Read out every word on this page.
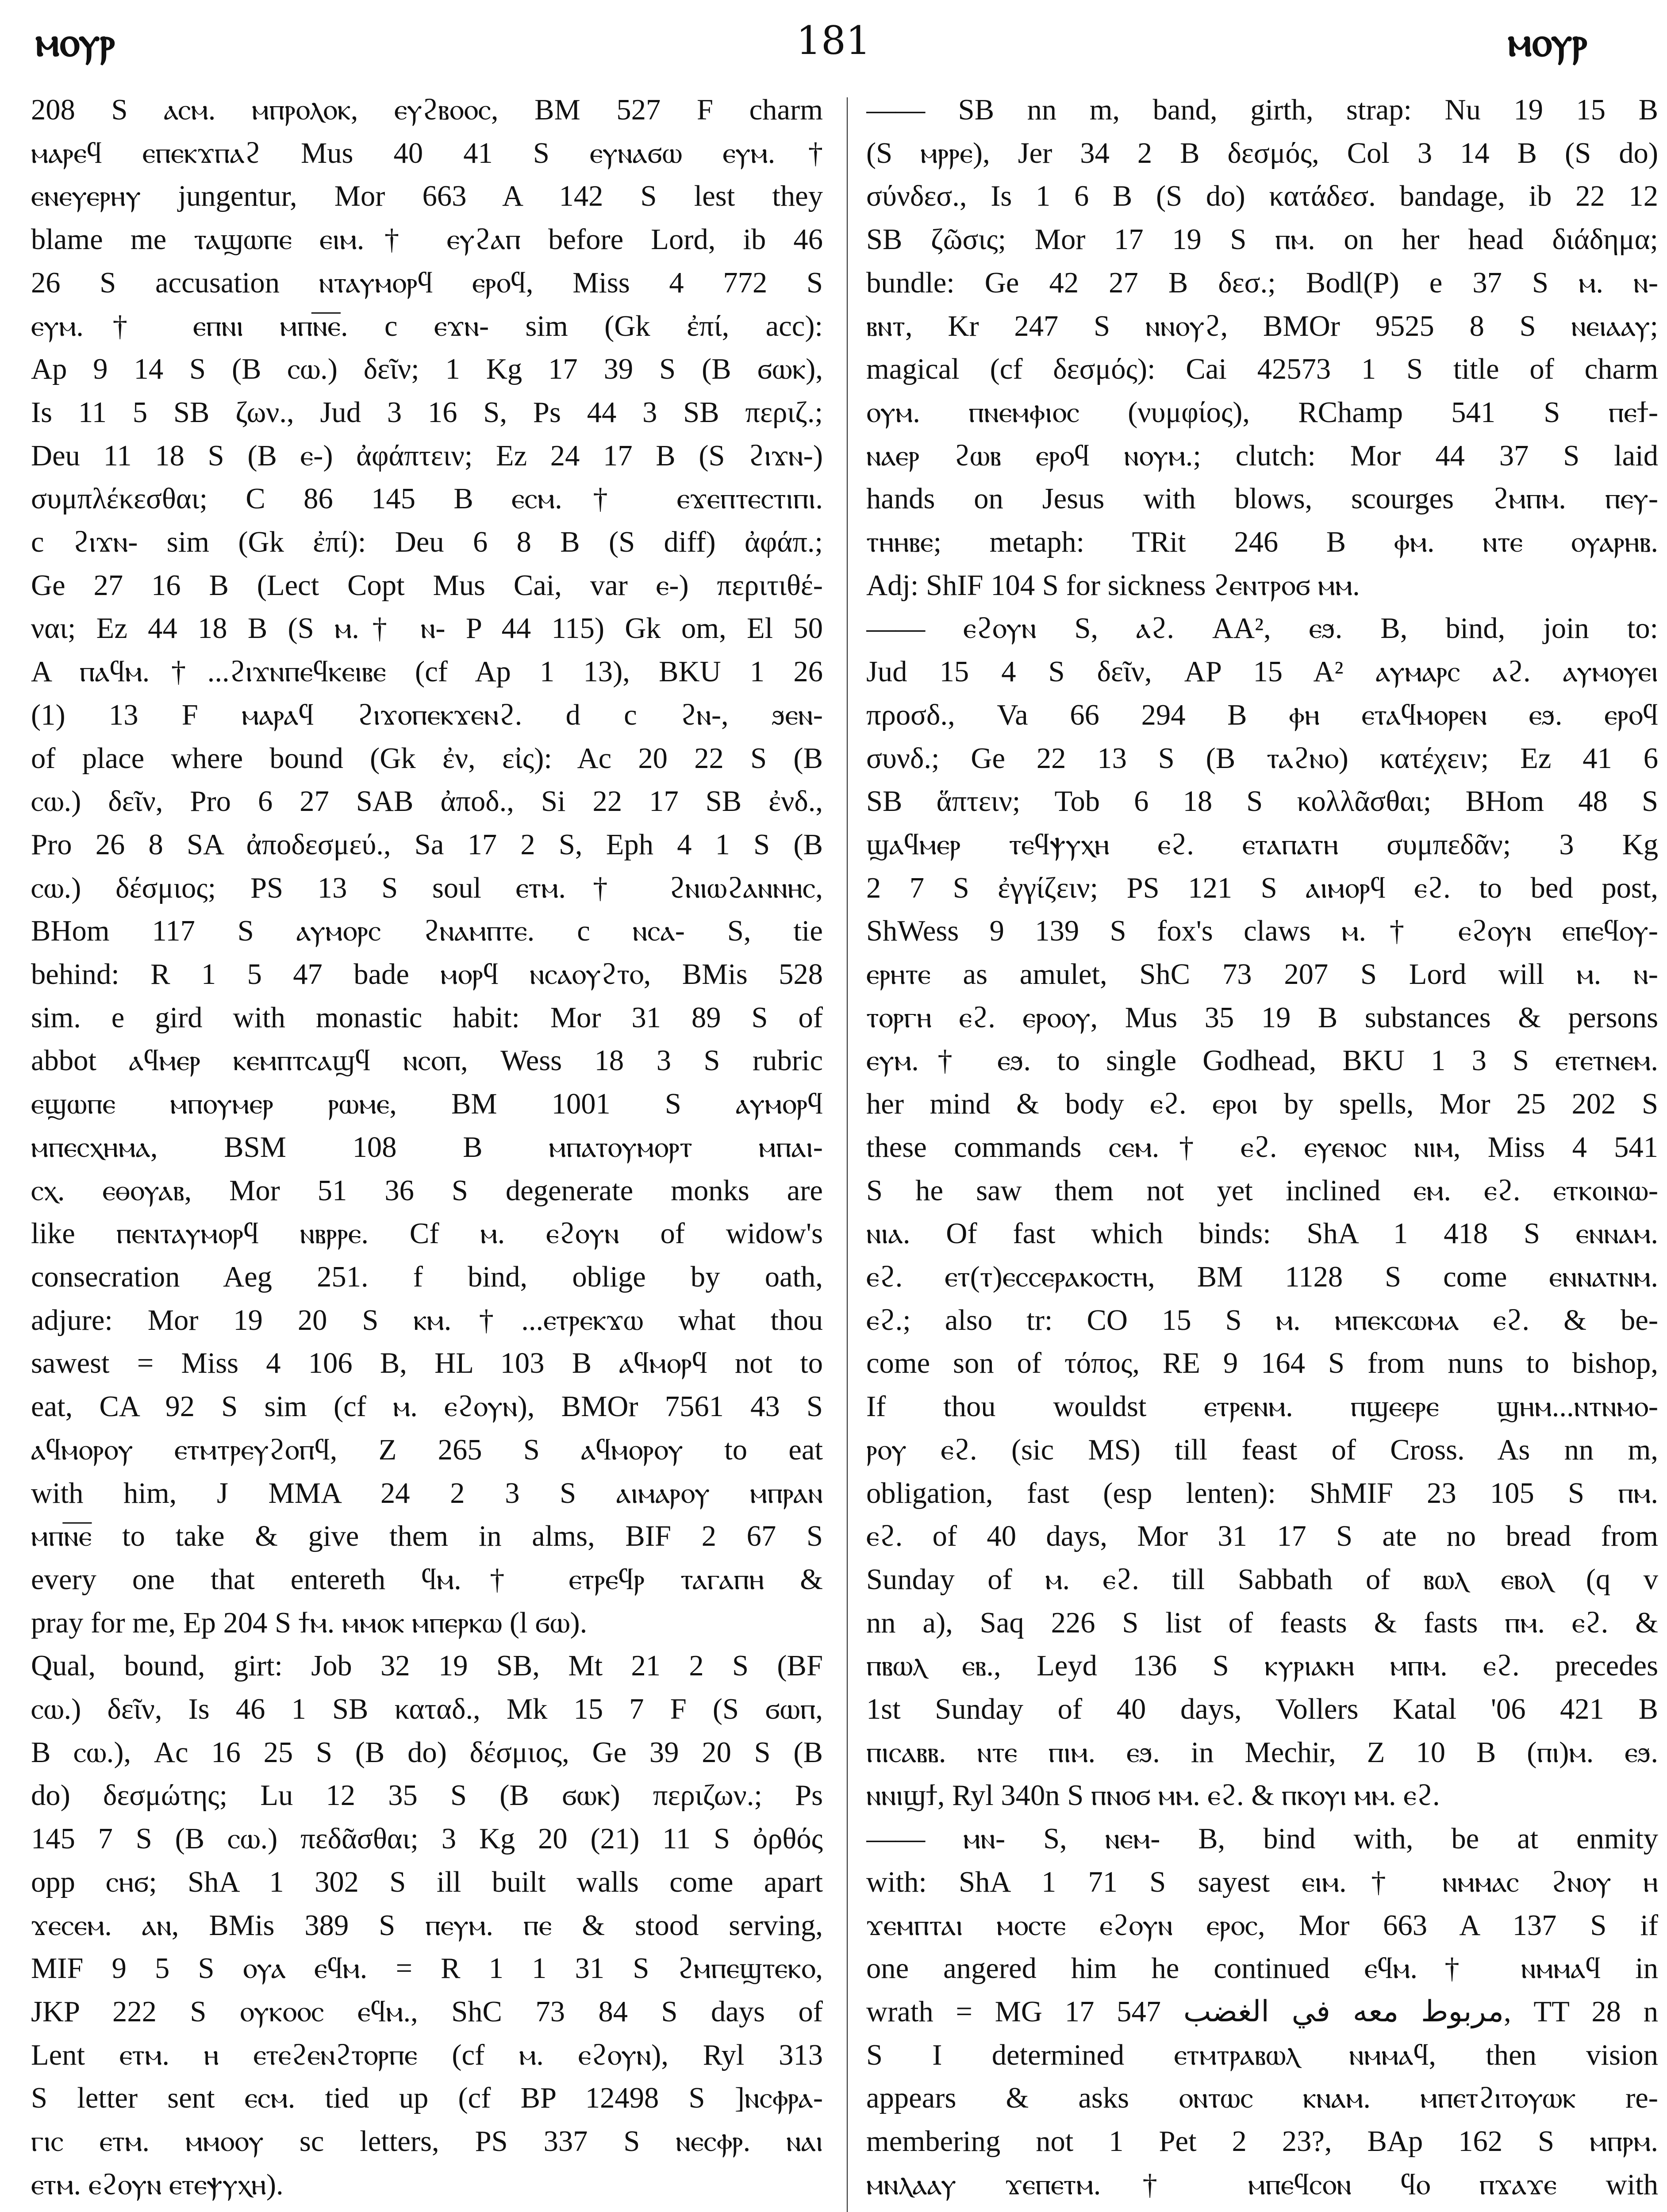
ⲙⲟⲩⲣ	181	ⲙⲟⲩⲣ
208 S ⲁⲥⲙ. ⲙⲡⲣⲟⲗⲟⲕ, ⲉⲩϩⲃⲟⲟⲥ, BM 527 F charm
ⲙⲁⲣⲉϥ ⲉⲡⲉⲕϫⲡⲁϩ Mus 40 41 S ⲉⲩⲛⲁϭⲱ ⲉⲩⲙ.†
ⲉⲛⲉⲩⲉⲣⲏⲩ jungentur, Mor 663 A 142 S lest they
blame me ⲧⲁϣⲱⲡⲉ ⲉⲓⲙ.† ⲉⲩϩⲁⲡ before Lord, ib 46
26 S accusation ⲛⲧⲁⲩⲙⲟⲣϥ ⲉⲣⲟϥ, Miss 4 772 S
ⲉⲩⲙ.† ⲉⲡⲛⲓ ⲙⲡⲛ̅ⲉ̅. c ⲉϫⲛ- sim (Gk ἐπί, acc):
Ap 9 14 S (B ⲥⲱ.) δεῖν; 1 Kg 17 39 S (B ϭⲱⲕ),
Is 11 5 SB ζων., Jud 3 16 S, Ps 44 3 SB περιζ.;
Deu 11 18 S (B ⲉ-) ἀφάπτειν; Ez 24 17 B (S ϩⲓϫⲛ-)
συμπλέκεσθαι; C 86 145 B ⲉⲥⲙ.† ⲉϫⲉⲡⲧⲉⲥⲧⲓⲡⲓ.
c ϩⲓϫⲛ- sim (Gk ἐπί): Deu 6 8 B (S diff) ἀφάπ.;
Ge 27 16 B (Lect Copt Mus Cai, var ⲉ-) περιτιθέ-
ναι; Ez 44 18 B (S ⲙ.† ⲛ- P 44 115) Gk om, El 50
A ⲡⲁϥⲙ.†...ϩⲓϫⲛⲡⲉϥⲕⲉⲓⲃⲉ (cf Ap 1 13), BKU 1 26
(1) 13 F ⲙⲁⲣⲁϥ ϩⲓϫⲟⲡⲉⲕϫⲉⲛϩ. d c ϩⲛ-, ϧⲉⲛ-
of place where bound (Gk ἐν, εἰς): Ac 20 22 S (B
ⲥⲱ.) δεῖν, Pro 6 27 SAB ἀποδ., Si 22 17 SB ἐνδ.,
Pro 26 8 SA ἀποδεσμεύ., Sa 17 2 S, Eph 4 1 S (B
ⲥⲱ.) δέσμιος; PS 13 S soul ⲉⲧⲙ.† ϩⲛⲓⲱϩⲁⲛⲛⲏⲥ,
BHom 117 S ⲁⲩⲙⲟⲣⲥ ϩⲛⲁⲙⲡⲧⲉ. c ⲛⲥⲁ- S, tie
behind: R 1 5 47 bade ⲙⲟⲣϥ ⲛⲥⲁⲟⲩϩⲧⲟ, BMis 528
sim. e gird with monastic habit: Mor 31 89 S of
abbot ⲁϥⲙⲉⲣ ⲕⲉⲙⲡⲧⲥⲁϣϥ ⲛⲥⲟⲡ, Wess 18 3 S rubric
ⲉϣⲱⲡⲉ ⲙⲡⲟⲩⲙⲉⲣ ⲣⲱⲙⲉ, BM 1001 S ⲁⲩⲙⲟⲣϥ
ⲙⲡⲉⲥⲭⲏⲙⲁ, BSM 108 B ⲙⲡⲁⲧⲟⲩⲙⲟⲣⲧ ⲙⲡⲁⲓ-
ⲥⲭ. ⲉⲑⲟⲩⲁⲃ, Mor 51 36 S degenerate monks are
like ⲡⲉⲛⲧⲁⲩⲙⲟⲣϥ ⲛⲃⲣⲣⲉ. Cf ⲙ. ⲉϩⲟⲩⲛ of widow's
consecration Aeg 251. f bind, oblige by oath,
adjure: Mor 19 20 S ⲕⲙ.†...ⲉⲧⲣⲉⲕϫⲱ what thou
sawest = Miss 4 106 B, HL 103 B ⲁϥⲙⲟⲣϥ not to
eat, CA 92 S sim (cf ⲙ. ⲉϩⲟⲩⲛ), BMOr 7561 43 S
ⲁϥⲙⲟⲣⲟⲩ ⲉⲧⲙⲧⲣⲉⲩϩⲟⲡϥ, Z 265 S ⲁϥⲙⲟⲣⲟⲩ to eat
with him, J MMA 24 2 3 S ⲁⲓⲙⲁⲣⲟⲩ ⲙⲡⲣⲁⲛ
ⲙⲡⲛ̅ⲉ̅ to take & give them in alms, BIF 2 67 S
every one that entereth ϥⲙ.† ⲉⲧⲣⲉϥⲣ ⲧⲁⲅⲁⲡⲏ &
pray for me, Ep 204 S ϯⲙ. ⲙⲙⲟⲕ ⲙⲡⲉⲣⲕⲱ (l ϭⲱ).
Qual, bound, girt: Job 32 19 SB, Mt 21 2 S (BF
ⲥⲱ.) δεῖν, Is 46 1 SB καταδ., Mk 15 7 F (S ϭⲱⲡ,
B ⲥⲱ.), Ac 16 25 S (B do) δέσμιος, Ge 39 20 S (B
do) δεσμώτης; Lu 12 35 S (B ϭⲱⲕ) περιζων.; Ps
145 7 S (B ⲥⲱ.) πεδᾶσθαι; 3 Kg 20 (21) 11 S ὀρθός
opp ⲥⲏϭ; ShA 1 302 S ill built walls come apart
ϫⲉⲥⲉⲙ. ⲁⲛ, BMis 389 S ⲡⲉⲩⲙ. ⲡⲉ & stood serving,
MIF 9 5 S ⲟⲩⲁ ⲉϥⲙ. = R 1 1 31 S ϩⲙⲡⲉϣⲧⲉⲕⲟ,
JKP 222 S ⲟⲩⲕⲟⲟⲥ ⲉϥⲙ., ShC 73 84 S days of
Lent ⲉⲧⲙ. ⲏ ⲉⲧⲉϩⲉⲛϩⲧⲟⲣⲡⲉ (cf ⲙ. ⲉϩⲟⲩⲛ), Ryl 313
S letter sent ⲉⲥⲙ. tied up (cf BP 12498 S ]ⲛⲥⲫⲣⲁ-
ⲅⲓⲥ ⲉⲧⲙ. ⲙⲙⲟⲟⲩ sc letters, PS 337 S ⲛⲉⲥⲫⲣ. ⲛⲁⲓ
ⲉⲧⲙ. ⲉϩⲟⲩⲛ ⲉⲧⲉⲯⲩⲭⲏ).
—— SB nn m, band, girth, strap: Nu 19 15 B
(S ⲙⲣⲣⲉ), Jer 34 2 B δεσμός, Col 3 14 B (S do)
σύνδεσ., Is 1 6 B (S do) κατάδεσ. bandage, ib 22 12
SB ζῶσις; Mor 17 19 S ⲡⲙ. on her head διάδημα;
bundle: Ge 42 27 B δεσ.; Bodl(P) e 37 S ⲙ. ⲛ-
ⲃⲛⲧ, Kr 247 S ⲛⲛⲟⲩϩ, BMOr 9525 8 S ⲛⲉⲓⲁⲁⲩ;
magical (cf δεσμός): Cai 42573 1 S title of charm
ⲟⲩⲙ. ⲡⲛⲉⲙⲫⲓⲟⲥ (νυμφίος), RChamp 541 S ⲡⲉϯ-
ⲛⲁⲉⲣ ϩⲱⲃ ⲉⲣⲟϥ ⲛⲟⲩⲙ.; clutch: Mor 44 37 S laid
hands on Jesus with blows, scourges ϩⲙⲡⲙ. ⲡⲉⲩ-
ⲧⲏⲏⲃⲉ; metaph: TRit 246 B ⲫⲙ. ⲛⲧⲉ ⲟⲩⲁⲣⲏⲃ.
Adj: ShIF 104 S for sickness ϩⲉⲛⲧⲣⲟϭ ⲙⲙ.
—— ⲉϩⲟⲩⲛ S, ⲁϩ. AA², ⲉϧ. B, bind, join to:
Jud 15 4 S δεῖν, AP 15 A² ⲁⲩⲙⲁⲣⲥ ⲁϩ. ⲁⲩⲙⲟⲩⲉⲓ
προσδ., Va 66 294 B ⲫⲏ ⲉⲧⲁϥⲙⲟⲣⲉⲛ ⲉϧ. ⲉⲣⲟϥ
συνδ.; Ge 22 13 S (B ⲧⲁϩⲛⲟ) κατέχειν; Ez 41 6
SB ἅπτειν; Tob 6 18 S κολλᾶσθαι; BHom 48 S
ϣⲁϥⲙⲉⲣ ⲧⲉϥⲯⲩⲭⲏ ⲉϩ. ⲉⲧⲁⲡⲁⲧⲏ συμπεδᾶν; 3 Kg
2 7 S ἐγγίζειν; PS 121 S ⲁⲓⲙⲟⲣϥ ⲉϩ. to bed post,
ShWess 9 139 S fox's claws ⲙ.† ⲉϩⲟⲩⲛ ⲉⲡⲉϥⲟⲩ-
ⲉⲣⲏⲧⲉ as amulet, ShC 73 207 S Lord will ⲙ. ⲛ-
ⲧⲟⲣⲅⲏ ⲉϩ. ⲉⲣⲟⲟⲩ, Mus 35 19 B substances & persons
ⲉⲩⲙ.† ⲉϧ. to single Godhead, BKU 1 3 S ⲉⲧⲉⲧⲛⲉⲙ.
her mind & body ⲉϩ. ⲉⲣⲟⲓ by spells, Mor 25 202 S
these commands ⲥⲉⲙ.† ⲉϩ. ⲉⲩⲉⲛⲟⲥ ⲛⲓⲙ, Miss 4 541
S he saw them not yet inclined ⲉⲙ. ⲉϩ. ⲉⲧⲕⲟⲓⲛⲱ-
ⲛⲓⲁ. Of fast which binds: ShA 1 418 S ⲉⲛⲛⲁⲙ.
ⲉϩ. ⲉⲧ(ⲧ)ⲉⲥⲥⲉⲣⲁⲕⲟⲥⲧⲏ, BM 1128 S come ⲉⲛⲛⲁⲧⲛⲙ.
ⲉϩ.; also tr: CO 15 S ⲙ. ⲙⲡⲉⲕⲥⲱⲙⲁ ⲉϩ. & be-
come son of τόπος, RE 9 164 S from nuns to bishop,
If thou wouldst ⲉⲧⲣⲉⲛⲙ. ⲡϣⲉⲉⲣⲉ ϣⲏⲙ...ⲛⲧⲛⲙⲟ-
ⲣⲟⲩ ⲉϩ. (sic MS) till feast of Cross. As nn m,
obligation, fast (esp lenten): ShMIF 23 105 S ⲡⲙ.
ⲉϩ. of 40 days, Mor 31 17 S ate no bread from
Sunday of ⲙ. ⲉϩ. till Sabbath of ⲃⲱⲗ ⲉⲃⲟⲗ (q v
nn a), Saq 226 S list of feasts & fasts ⲡⲙ. ⲉϩ. &
ⲡⲃⲱⲗ ⲉⲃ., Leyd 136 S ⲕⲩⲣⲓⲁⲕⲏ ⲙⲡⲙ. ⲉϩ. precedes
1st Sunday of 40 days, Vollers Katal '06 421 B
ⲡⲓⲥⲁⲃⲃ. ⲛⲧⲉ ⲡⲓⲙ. ⲉϧ. in Mechir, Z 10 B (ⲡⲓ)ⲙ. ⲉϧ.
ⲛⲛⲓϣϯ, Ryl 340n S ⲡⲛⲟϭ ⲙⲙ. ⲉϩ. & ⲡⲕⲟⲩⲓ ⲙⲙ. ⲉϩ.
—— ⲙⲛ- S, ⲛⲉⲙ- B, bind with, be at enmity
with: ShA 1 71 S sayest ⲉⲓⲙ.† ⲛⲙⲙⲁⲥ ϩⲛⲟⲩ ⲏ
ϫⲉⲙⲡⲧⲁⲓ ⲙⲟⲥⲧⲉ ⲉϩⲟⲩⲛ ⲉⲣⲟⲥ, Mor 663 A 137 S if
one angered him he continued ⲉϥⲙ.† ⲛⲙⲙⲁϥ in
wrath = MG 17 547 مربوط معه في الغضب, TT 28 n
S I determined ⲉⲧⲙⲧⲣⲁⲃⲱⲗ ⲛⲙⲙⲁϥ, then vision
appears & asks ⲟⲛⲧⲱⲥ ⲕⲛⲁⲙ. ⲙⲡⲉⲧϩⲓⲧⲟⲩⲱⲕ re-
membering not 1 Pet 2 23?, BAp 162 S ⲙⲡⲣⲙ.
ⲙⲛⲗⲁⲁⲩ ϫⲉⲡⲉⲧⲙ.† ⲙⲡⲉϥⲥⲟⲛ ϥⲟ ⲡϫⲁϫⲉ with
